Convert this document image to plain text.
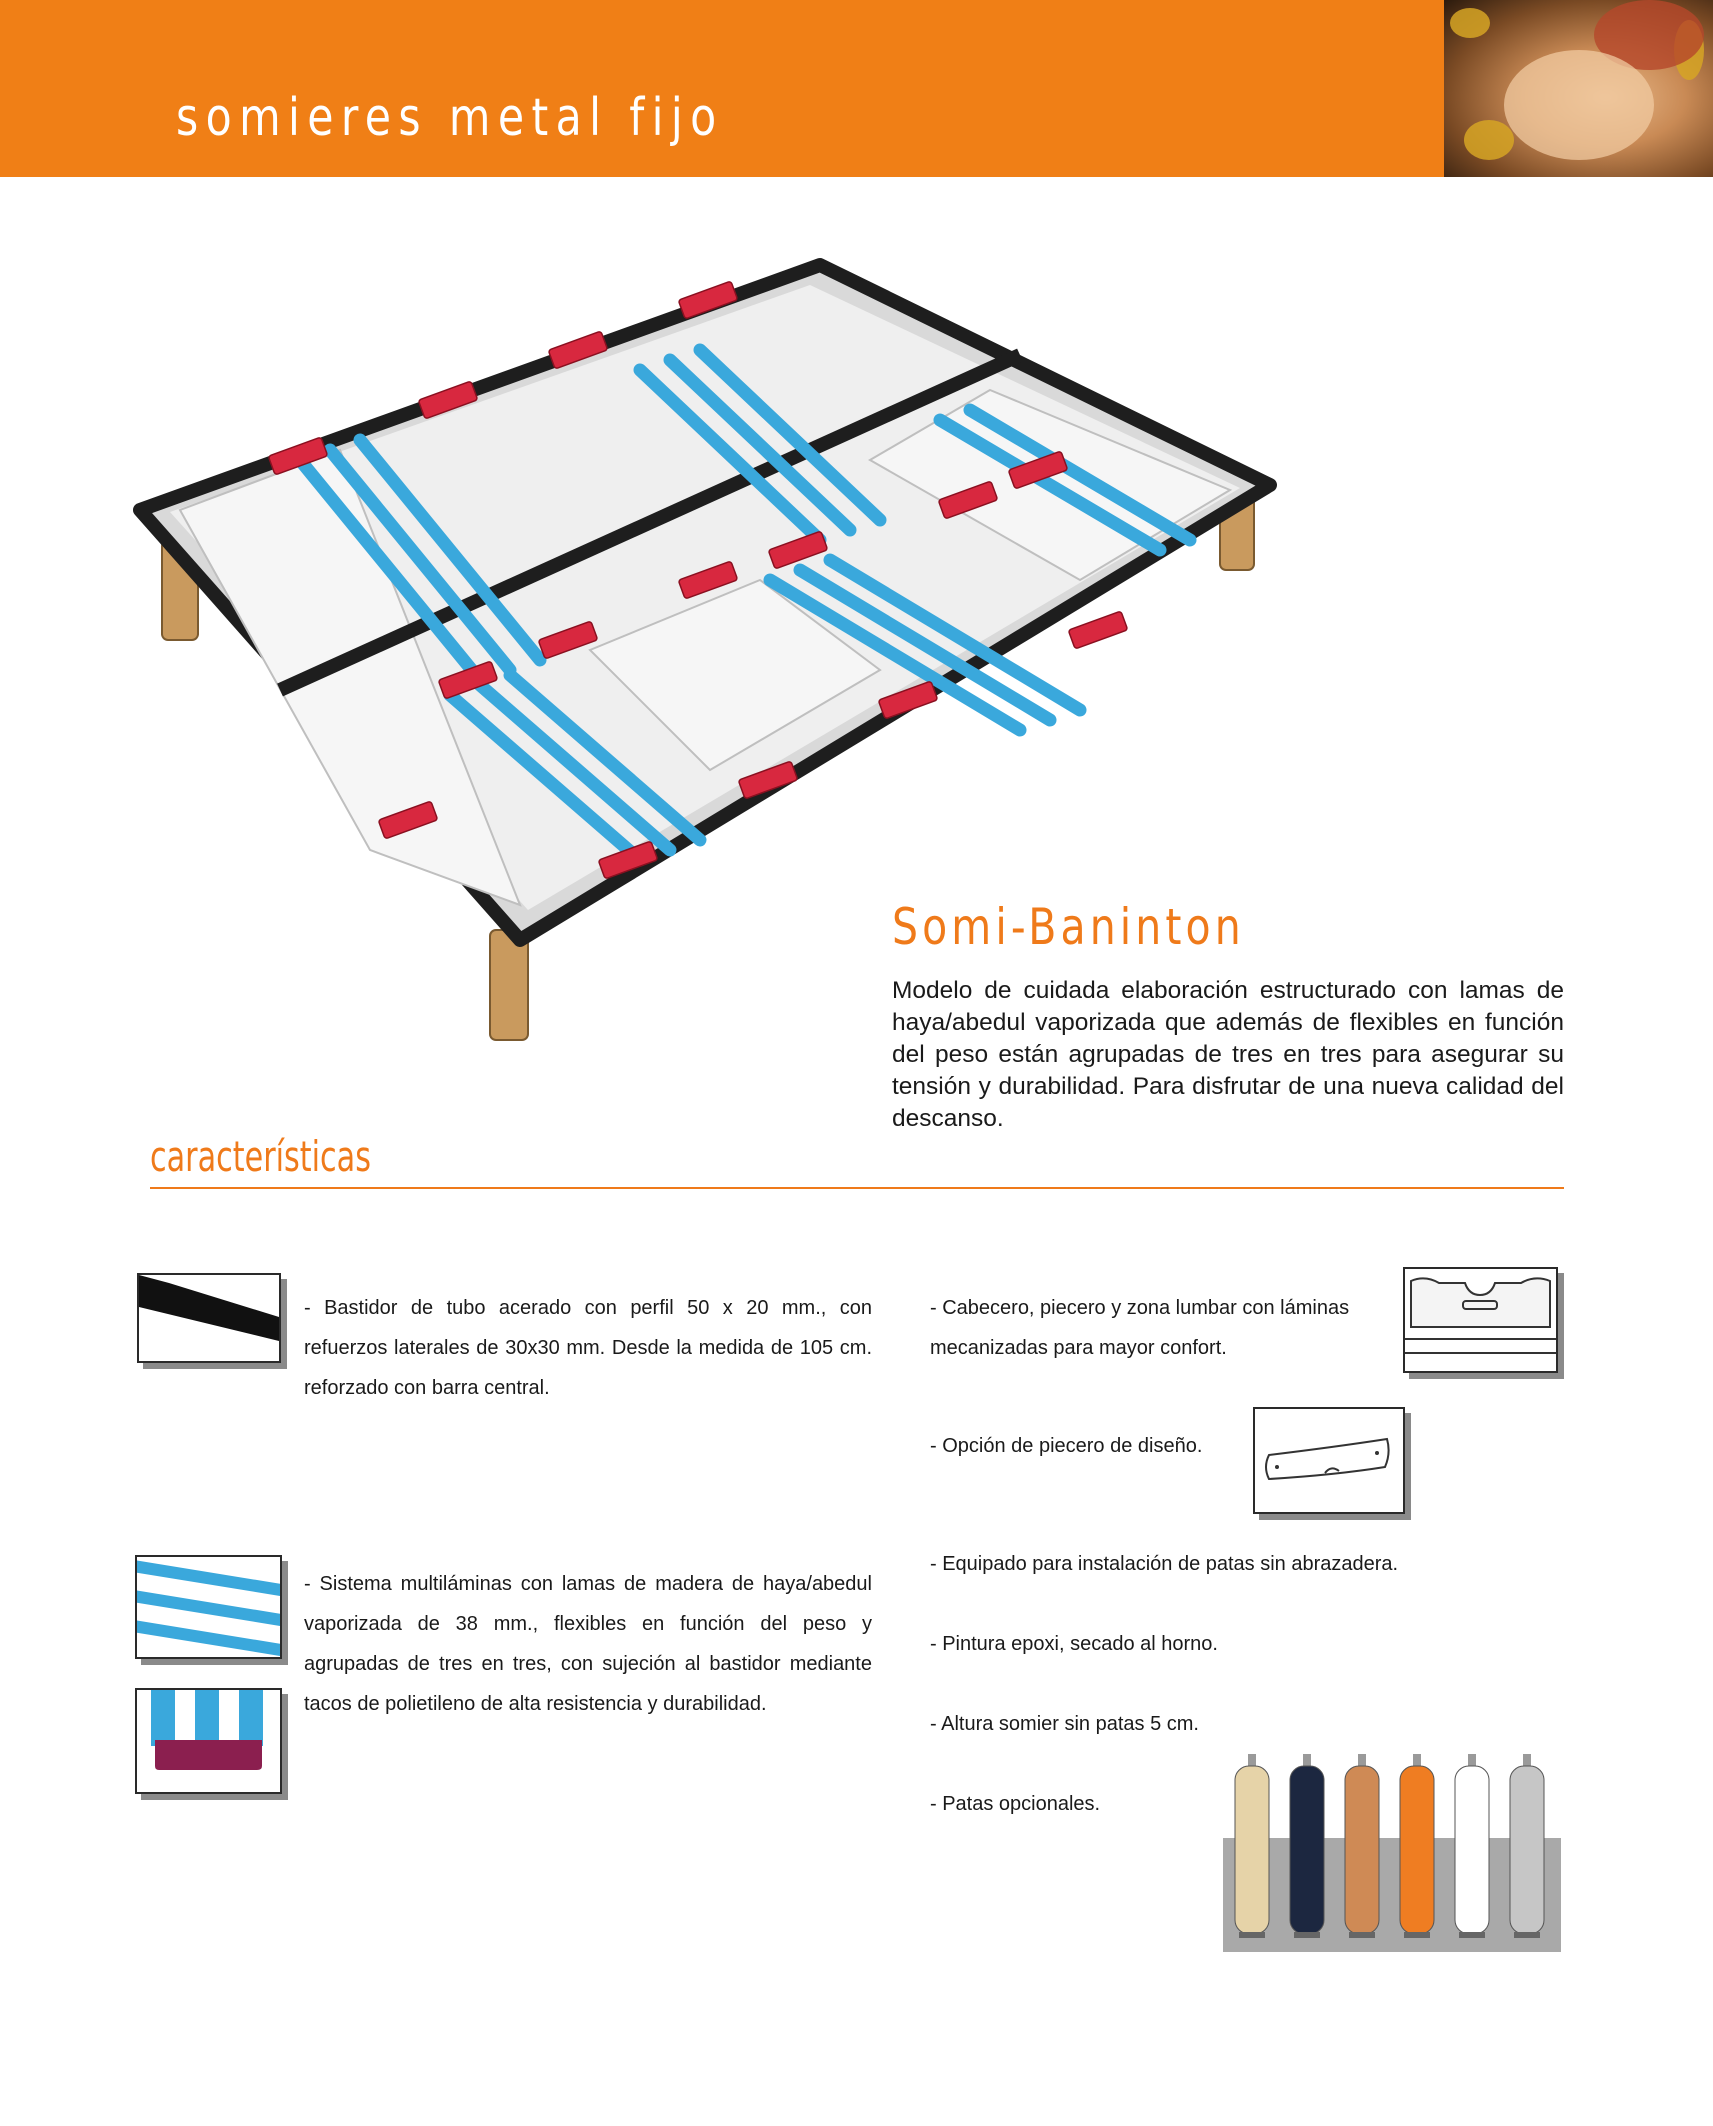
somieres metal fijo
Somi-Baninton
Modelo de cuidada elaboración estructurado con lamas de haya/abedul vaporizada que además de flexibles en función del peso están agrupadas de tres en tres para asegurar su tensión y durabilidad. Para disfrutar de una nueva calidad del descanso.
características
- Bastidor de tubo acerado con perfil 50 x 20 mm., con refuerzos laterales de 30x30 mm. Desde la medida de 105 cm. reforzado con barra central.
- Sistema multiláminas con lamas de madera de haya/abedul vaporizada de 38 mm., flexibles en función del peso y agrupadas de tres en tres, con sujeción al bastidor mediante tacos de polietileno de alta resistencia y durabilidad.
- Cabecero, piecero y zona lumbar con láminas mecanizadas para mayor confort.
- Opción de piecero de diseño.
- Equipado para instalación de patas sin abrazadera.
- Pintura epoxi, secado al horno.
- Altura somier sin patas 5 cm.
- Patas opcionales.
